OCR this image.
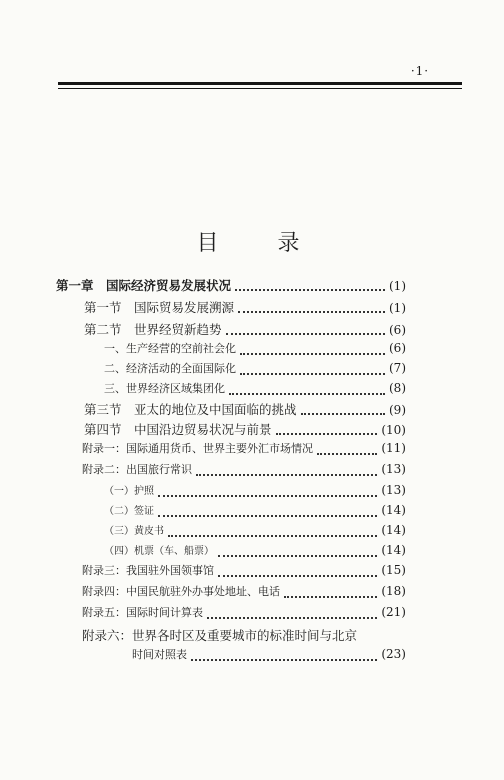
·1·
目 录
第一章　国际经济贸易发展状况	(1)
第一节　国际贸易发展溯源	(1)
第二节　世界经贸新趋势	(6)
一、生产经营的空前社会化	(6)
二、经济活动的全面国际化	(7)
三、世界经济区域集团化	(8)
第三节　亚太的地位及中国面临的挑战	(9)
第四节　中国沿边贸易状况与前景	(10)
附录一：国际通用货币、世界主要外汇市场情况	(11)
附录二：出国旅行常识	(13)
（一）护照	(13)
（二）签证	(14)
（三）黄皮书	(14)
（四）机票（车、船票）	(14)
附录三：我国驻外国领事馆	(15)
附录四：中国民航驻外办事处地址、电话	(18)
附录五：国际时间计算表	(21)
附录六：世界各时区及重要城市的标准时间与北京
时间对照表	(23)
